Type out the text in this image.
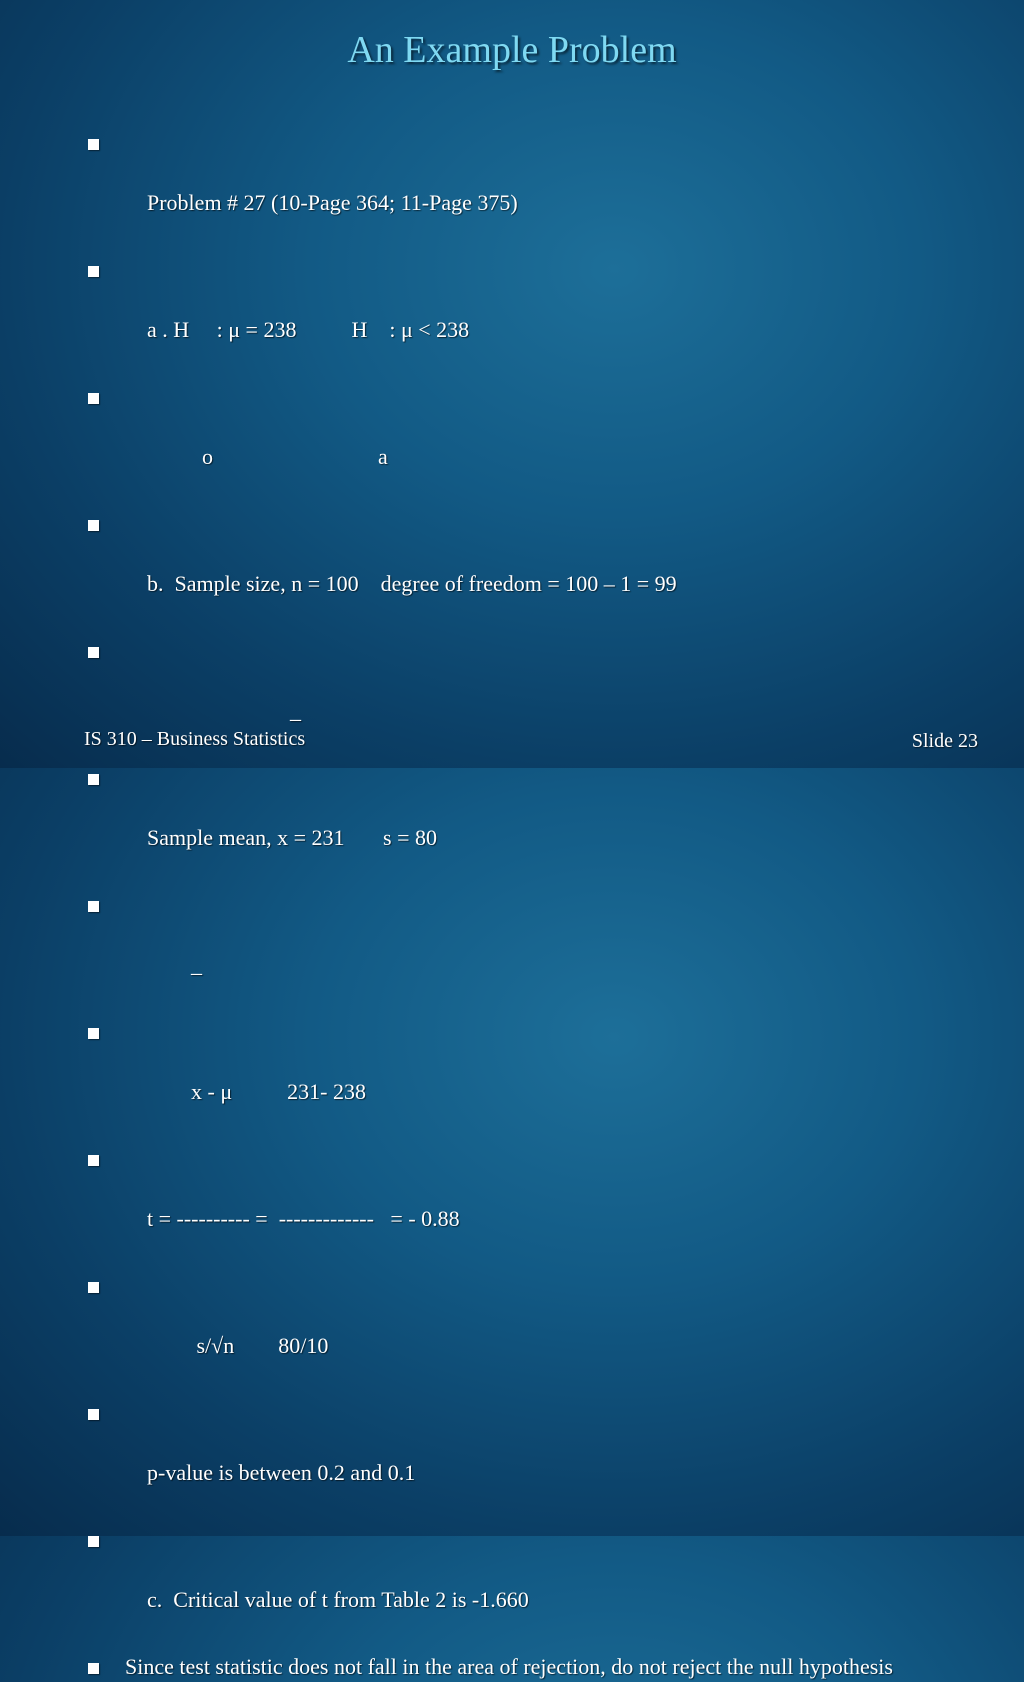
An Example Problem

Problem # 27 (10-Page 364; 11-Page 375)

a . H     : μ = 238          H    : μ < 238

o                              a

b.  Sample size, n = 100    degree of freedom = 100 – 1 = 99

_

Sample mean, x = 231       s = 80

_

x - μ          231- 238

t = ---------- =  -------------   = - 0.88

s/√n        80/10

p-value is between 0.2 and 0.1

c.  Critical value of t from Table 2 is -1.660

Since test statistic does not fall in the area of rejection, do not reject the null hypothesis
IS 310 – Business Statistics	Slide 23
